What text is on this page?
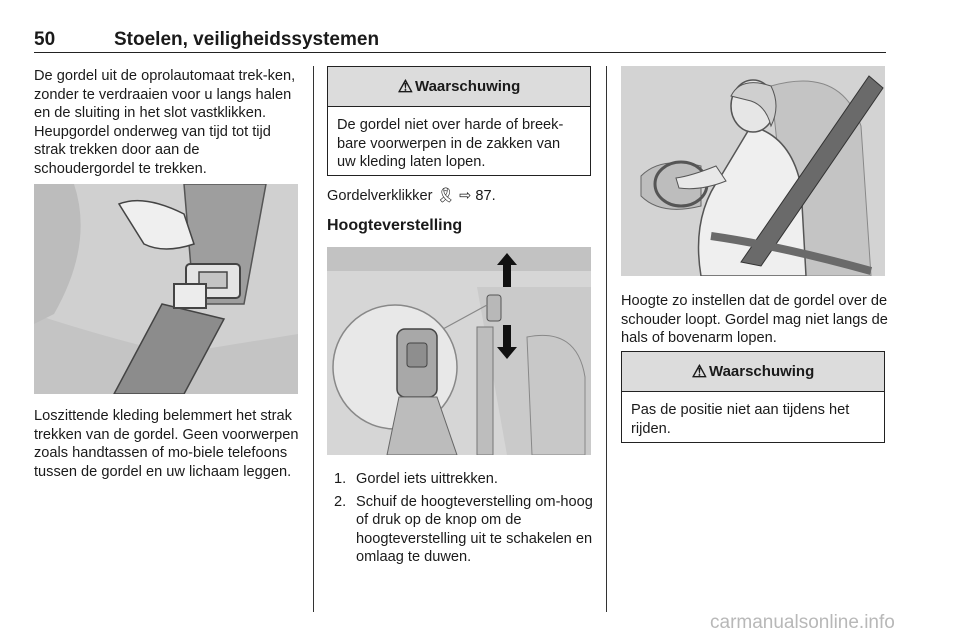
50	Stoelen, veiligheidssystemen
De gordel uit de oprolautomaat trek-ken, zonder te verdraaien voor u langs halen en de sluiting in het slot vastklikken. Heupgordel onderweg van tijd tot tijd strak trekken door aan de schoudergordel te trekken.
Loszittende kleding belemmert het strak trekken van de gordel. Geen voorwerpen zoals handtassen of mo-biele telefoons tussen de gordel en uw lichaam leggen.
⚠ Waarschuwing
De gordel niet over harde of breek-bare voorwerpen in de zakken van uw kleding laten lopen.
Gordelverklikker 🎗 ⇨ 87.
Hoogteverstelling
1. Gordel iets uittrekken.
2. Schuif de hoogteverstelling om-hoog of druk op de knop om de hoogteverstelling uit te schakelen en omlaag te duwen.
Hoogte zo instellen dat de gordel over de schouder loopt. Gordel mag niet langs de hals of bovenarm lopen.
⚠ Waarschuwing
Pas de positie niet aan tijdens het rijden.
carmanualsonline.info
